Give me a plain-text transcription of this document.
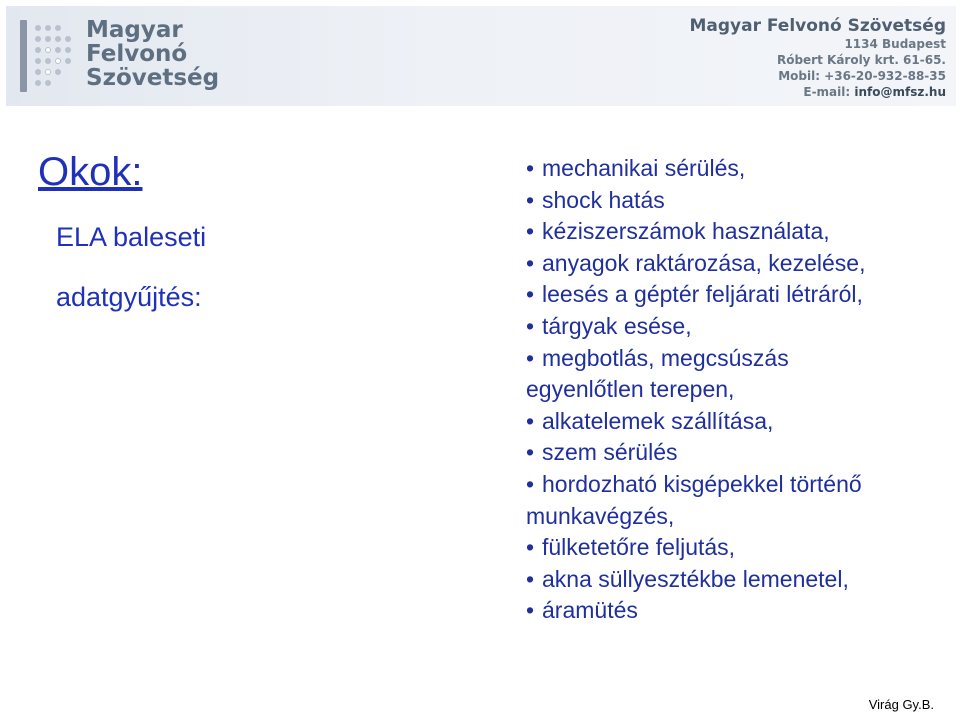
Magyar
Felvonó
Szövetség
Magyar Felvonó Szövetség
1134 Budapest
Róbert Károly krt. 61-65.
Mobil: +36-20-932-88-35
E-mail: info@mfsz.hu
Okok:
ELA baleseti
adatgyűjtés:
• mechanikai sérülés,
• shock hatás
• kéziszerszámok használata,
• anyagok raktározása, kezelése,
• leesés a géptér feljárati létráról,
• tárgyak esése,
• megbotlás, megcsúszás
egyenlőtlen terepen,
• alkatelemek szállítása,
• szem sérülés
• hordozható kisgépekkel történő
munkavégzés,
• fülketetőre feljutás,
• akna süllyesztékbe lemenetel,
• áramütés
Virág Gy.B.
